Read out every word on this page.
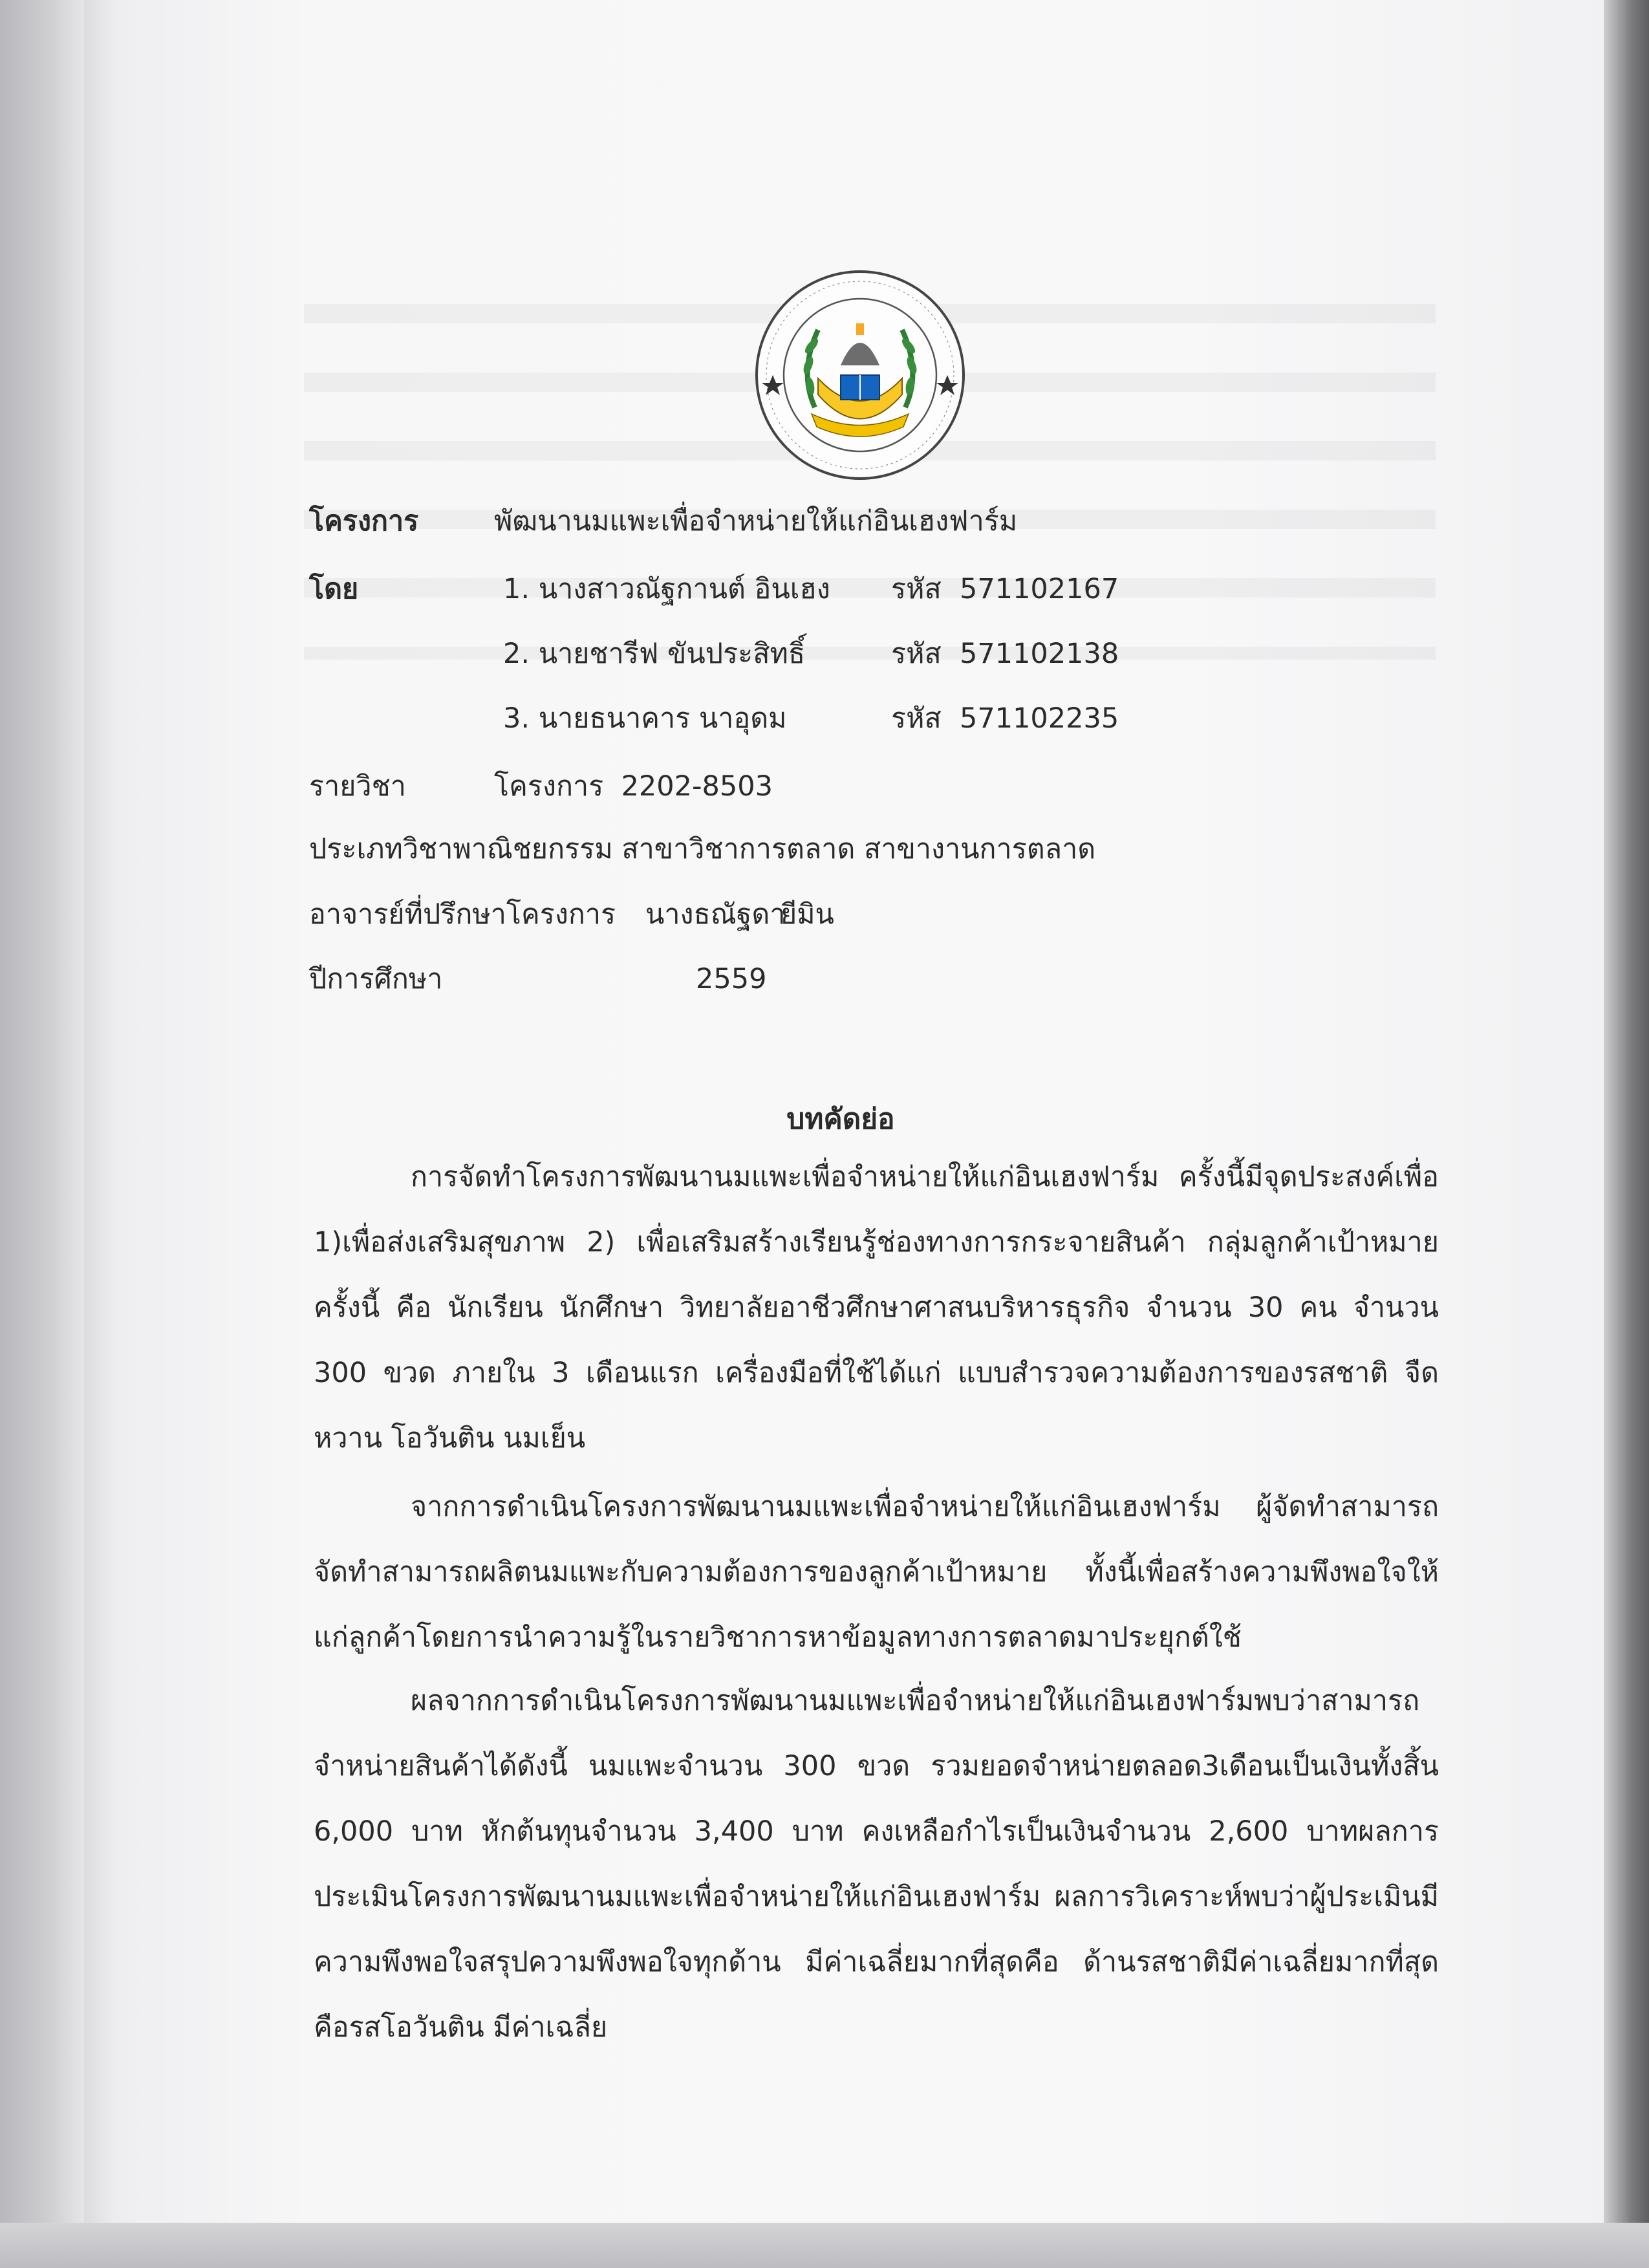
โครงการ	พัฒนานมแพะเพื่อจำหน่ายให้แก่อินเฮงฟาร์ม
โดย	1. นางสาวณัฐกานต์ อินเฮง รหัส 571102167
2. นายชารีฟ ขันประสิทธิ์	รหัส 571102138
3. นายธนาคาร นาอุดม	รหัส 571102235
รายวิชา	โครงการ  2202-8503
ประเภทวิชาพาณิชยกรรม สาขาวิชาการตลาด สาขางานการตลาด
อาจารย์ที่ปรึกษาโครงการ นางธณัฐดา
ยีมิน
ปีการศึกษา	2559
บทคัดย่อ
การจัดทำโครงการพัฒนานมแพะเพื่อจำหน่ายให้แก่อินเฮงฟาร์ม ครั้งนี้มีจุดประสงค์เพื่อ 1)เพื่อส่งเสริมสุขภาพ 2) เพื่อเสริมสร้างเรียนรู้ช่องทางการกระจายสินค้า กลุ่มลูกค้าเป้าหมายครั้งนี้ คือ นักเรียน นักศึกษา วิทยาลัยอาชีวศึกษาศาสนบริหารธุรกิจ จำนวน 30 คน จำนวน 300 ขวด ภายใน 3 เดือนแรก เครื่องมือที่ใช้ได้แก่ แบบสำรวจความต้องการของรสชาติ จืด หวาน โอวันติน นมเย็น
จากการดำเนินโครงการพัฒนานมแพะเพื่อจำหน่ายให้แก่อินเฮงฟาร์ม ผู้จัดทำสามารถจัดทำสามารถผลิตนมแพะกับความต้องการของลูกค้าเป้าหมาย ทั้งนี้เพื่อสร้างความพึงพอใจให้แก่ลูกค้าโดยการนำความรู้ในรายวิชาการหาข้อมูลทางการตลาดมาประยุกต์ใช้
ผลจากการดำเนินโครงการพัฒนานมแพะเพื่อจำหน่ายให้แก่อินเฮงฟาร์มพบว่าสามารถจำหน่ายสินค้าได้ดังนี้ นมแพะจำนวน 300 ขวด รวมยอดจำหน่ายตลอด3เดือนเป็นเงินทั้งสิ้น 6,000 บาท หักต้นทุนจำนวน 3,400 บาท คงเหลือกำไรเป็นเงินจำนวน 2,600 บาทผลการประเมินโครงการพัฒนานมแพะเพื่อจำหน่ายให้แก่อินเฮงฟาร์ม ผลการวิเคราะห์พบว่าผู้ประเมินมีความพึงพอใจสรุปความพึงพอใจทุกด้าน มีค่าเฉลี่ยมากที่สุดคือ ด้านรสชาติมีค่าเฉลี่ยมากที่สุดคือรสโอวันติน มีค่าเฉลี่ย
